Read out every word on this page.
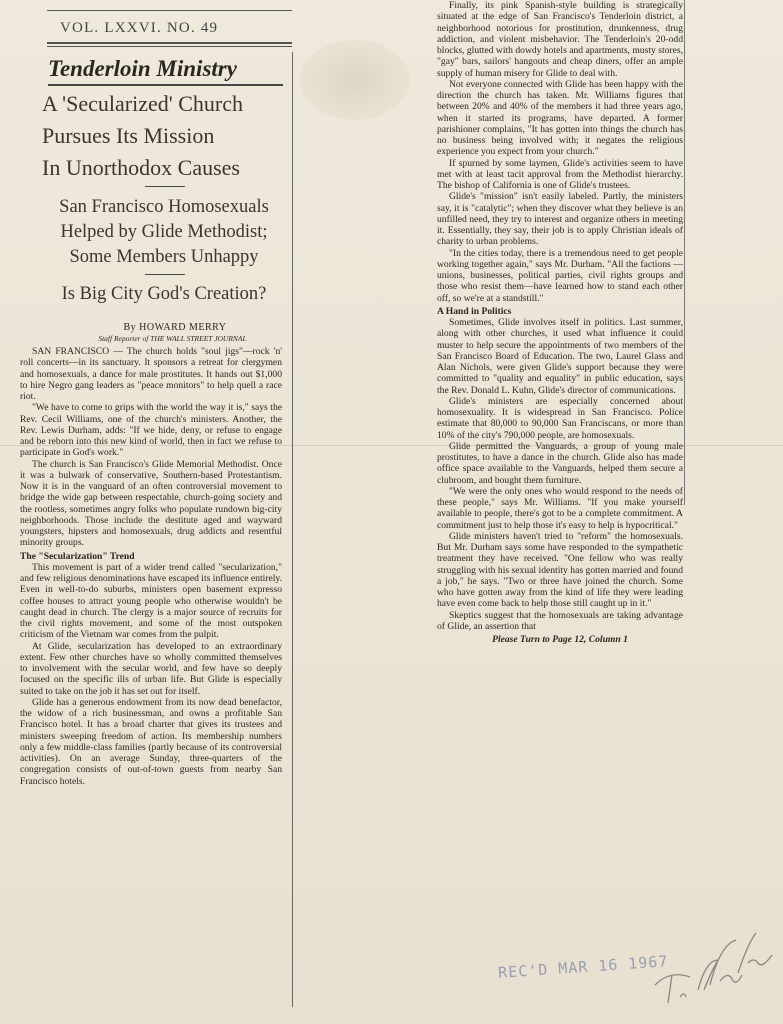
VOL. LXXVI. NO. 49
Tenderloin Ministry
A 'Secularized' Church
Pursues Its Mission
In Unorthodox Causes
San Francisco Homosexuals
Helped by Glide Methodist;
Some Members Unhappy
Is Big City God's Creation?
By HOWARD MERRY
Staff Reporter of THE WALL STREET JOURNAL

SAN FRANCISCO — The church holds "soul jigs"—rock 'n' roll concerts—in its sanctuary. It sponsors a retreat for clergymen and homosexuals, a dance for male prostitutes. It hands out $1,000 to hire Negro gang leaders as "peace monitors" to help quell a race riot.

"We have to come to grips with the world the way it is," says the Rev. Cecil Williams, one of the church's ministers. Another, the Rev. Lewis Durham, adds: "If we hide, deny, or refuse to engage and be reborn into this new kind of world, then in fact we refuse to participate in God's work."

The church is San Francisco's Glide Memorial Methodist. Once it was a bulwark of conservative, Southern-based Protestantism. Now it is in the vanguard of an often controversial movement to bridge the wide gap between respectable, church-going society and the rootless, sometimes angry folks who populate rundown big-city neighborhoods. Those include the destitute aged and wayward youngsters, hipsters and homosexuals, drug addicts and resentful minority groups.

The "Secularization" Trend

This movement is part of a wider trend called "secularization," and few religious denominations have escaped its influence entirely. Even in well-to-do suburbs, ministers open basement expresso coffee houses to attract young people who otherwise wouldn't be caught dead in church. The clergy is a major source of recruits for the civil rights movement, and some of the most outspoken criticism of the Vietnam war comes from the pulpit.

At Glide, secularization has developed to an extraordinary extent. Few other churches have so wholly committed themselves to involvement with the secular world, and few have so deeply focused on the specific ills of urban life. But Glide is especially suited to take on the job it has set out for itself.

Glide has a generous endowment from its now dead benefactor, the widow of a rich businessman, and owns a profitable San Francisco hotel. It has a broad charter that gives its trustees and ministers sweeping freedom of action. Its membership numbers only a few middle-class families (partly because of its controversial activities). On an average Sunday, three-quarters of the congregation consists of out-of-town guests from nearby San Francisco hotels.

Finally, its pink Spanish-style building is strategically situated at the edge of San Francisco's Tenderloin district, a neighborhood notorious for prostitution, drunkenness, drug addiction, and violent misbehavior. The Tenderloin's 20-odd blocks, glutted with dowdy hotels and apartments, musty stores, "gay" bars, sailors' hangouts and cheap diners, offer an ample supply of human misery for Glide to deal with.

Not everyone connected with Glide has been happy with the direction the church has taken. Mr. Williams figures that between 20% and 40% of the members it had three years ago, when it started its programs, have departed. A former parishioner complains, "It has gotten into things the church has no business being involved with; it negates the religious experience you expect from your church."

If spurned by some laymen, Glide's activities seem to have met with at least tacit approval from the Methodist hierarchy. The bishop of California is one of Glide's trustees.

Glide's "mission" isn't easily labeled. Partly, the ministers say, it is "catalytic"; when they discover what they believe is an unfilled need, they try to interest and organize others in meeting it. Essentially, they say, their job is to apply Christian ideals of charity to urban problems.

"In the cities today, there is a tremendous need to get people working together again," says Mr. Durham. "All the factions — unions, businesses, political parties, civil rights groups and those who resist them—have learned how to stand each other off, so we're at a standstill."

A Hand in Politics

Sometimes, Glide involves itself in politics. Last summer, along with other churches, it used what influence it could muster to help secure the appointments of two members of the San Francisco Board of Education. The two, Laurel Glass and Alan Nichols, were given Glide's support because they were committed to "quality and equality" in public education, says the Rev. Donald L. Kuhn, Glide's director of communications.

Glide's ministers are especially concerned about homosexuality. It is widespread in San Francisco. Police estimate that 80,000 to 90,000 San Franciscans, or more than 10% of the city's 790,000 people, are homosexuals.

Glide permitted the Vanguards, a group of young male prostitutes, to have a dance in the church. Glide also has made office space available to the Vanguards, helped them secure a clubroom, and bought them furniture.

"We were the only ones who would respond to the needs of these people," says Mr. Williams. "If you make yourself available to people, there's got to be a complete commitment. A commitment just to help those it's easy to help is hypocritical."

Glide ministers haven't tried to "reform" the homosexuals. But Mr. Durham says some have responded to the sympathetic treatment they have received. "One fellow who was really struggling with his sexual identity has gotten married and found a job," he says. "Two or three have joined the church. Some who have gotten away from the kind of life they were leading have even come back to help those still caught up in it."

Skeptics suggest that the homosexuals are taking advantage of Glide, an assertion that

Please Turn to Page 12, Column 1

REC'D MAR 16 1967
